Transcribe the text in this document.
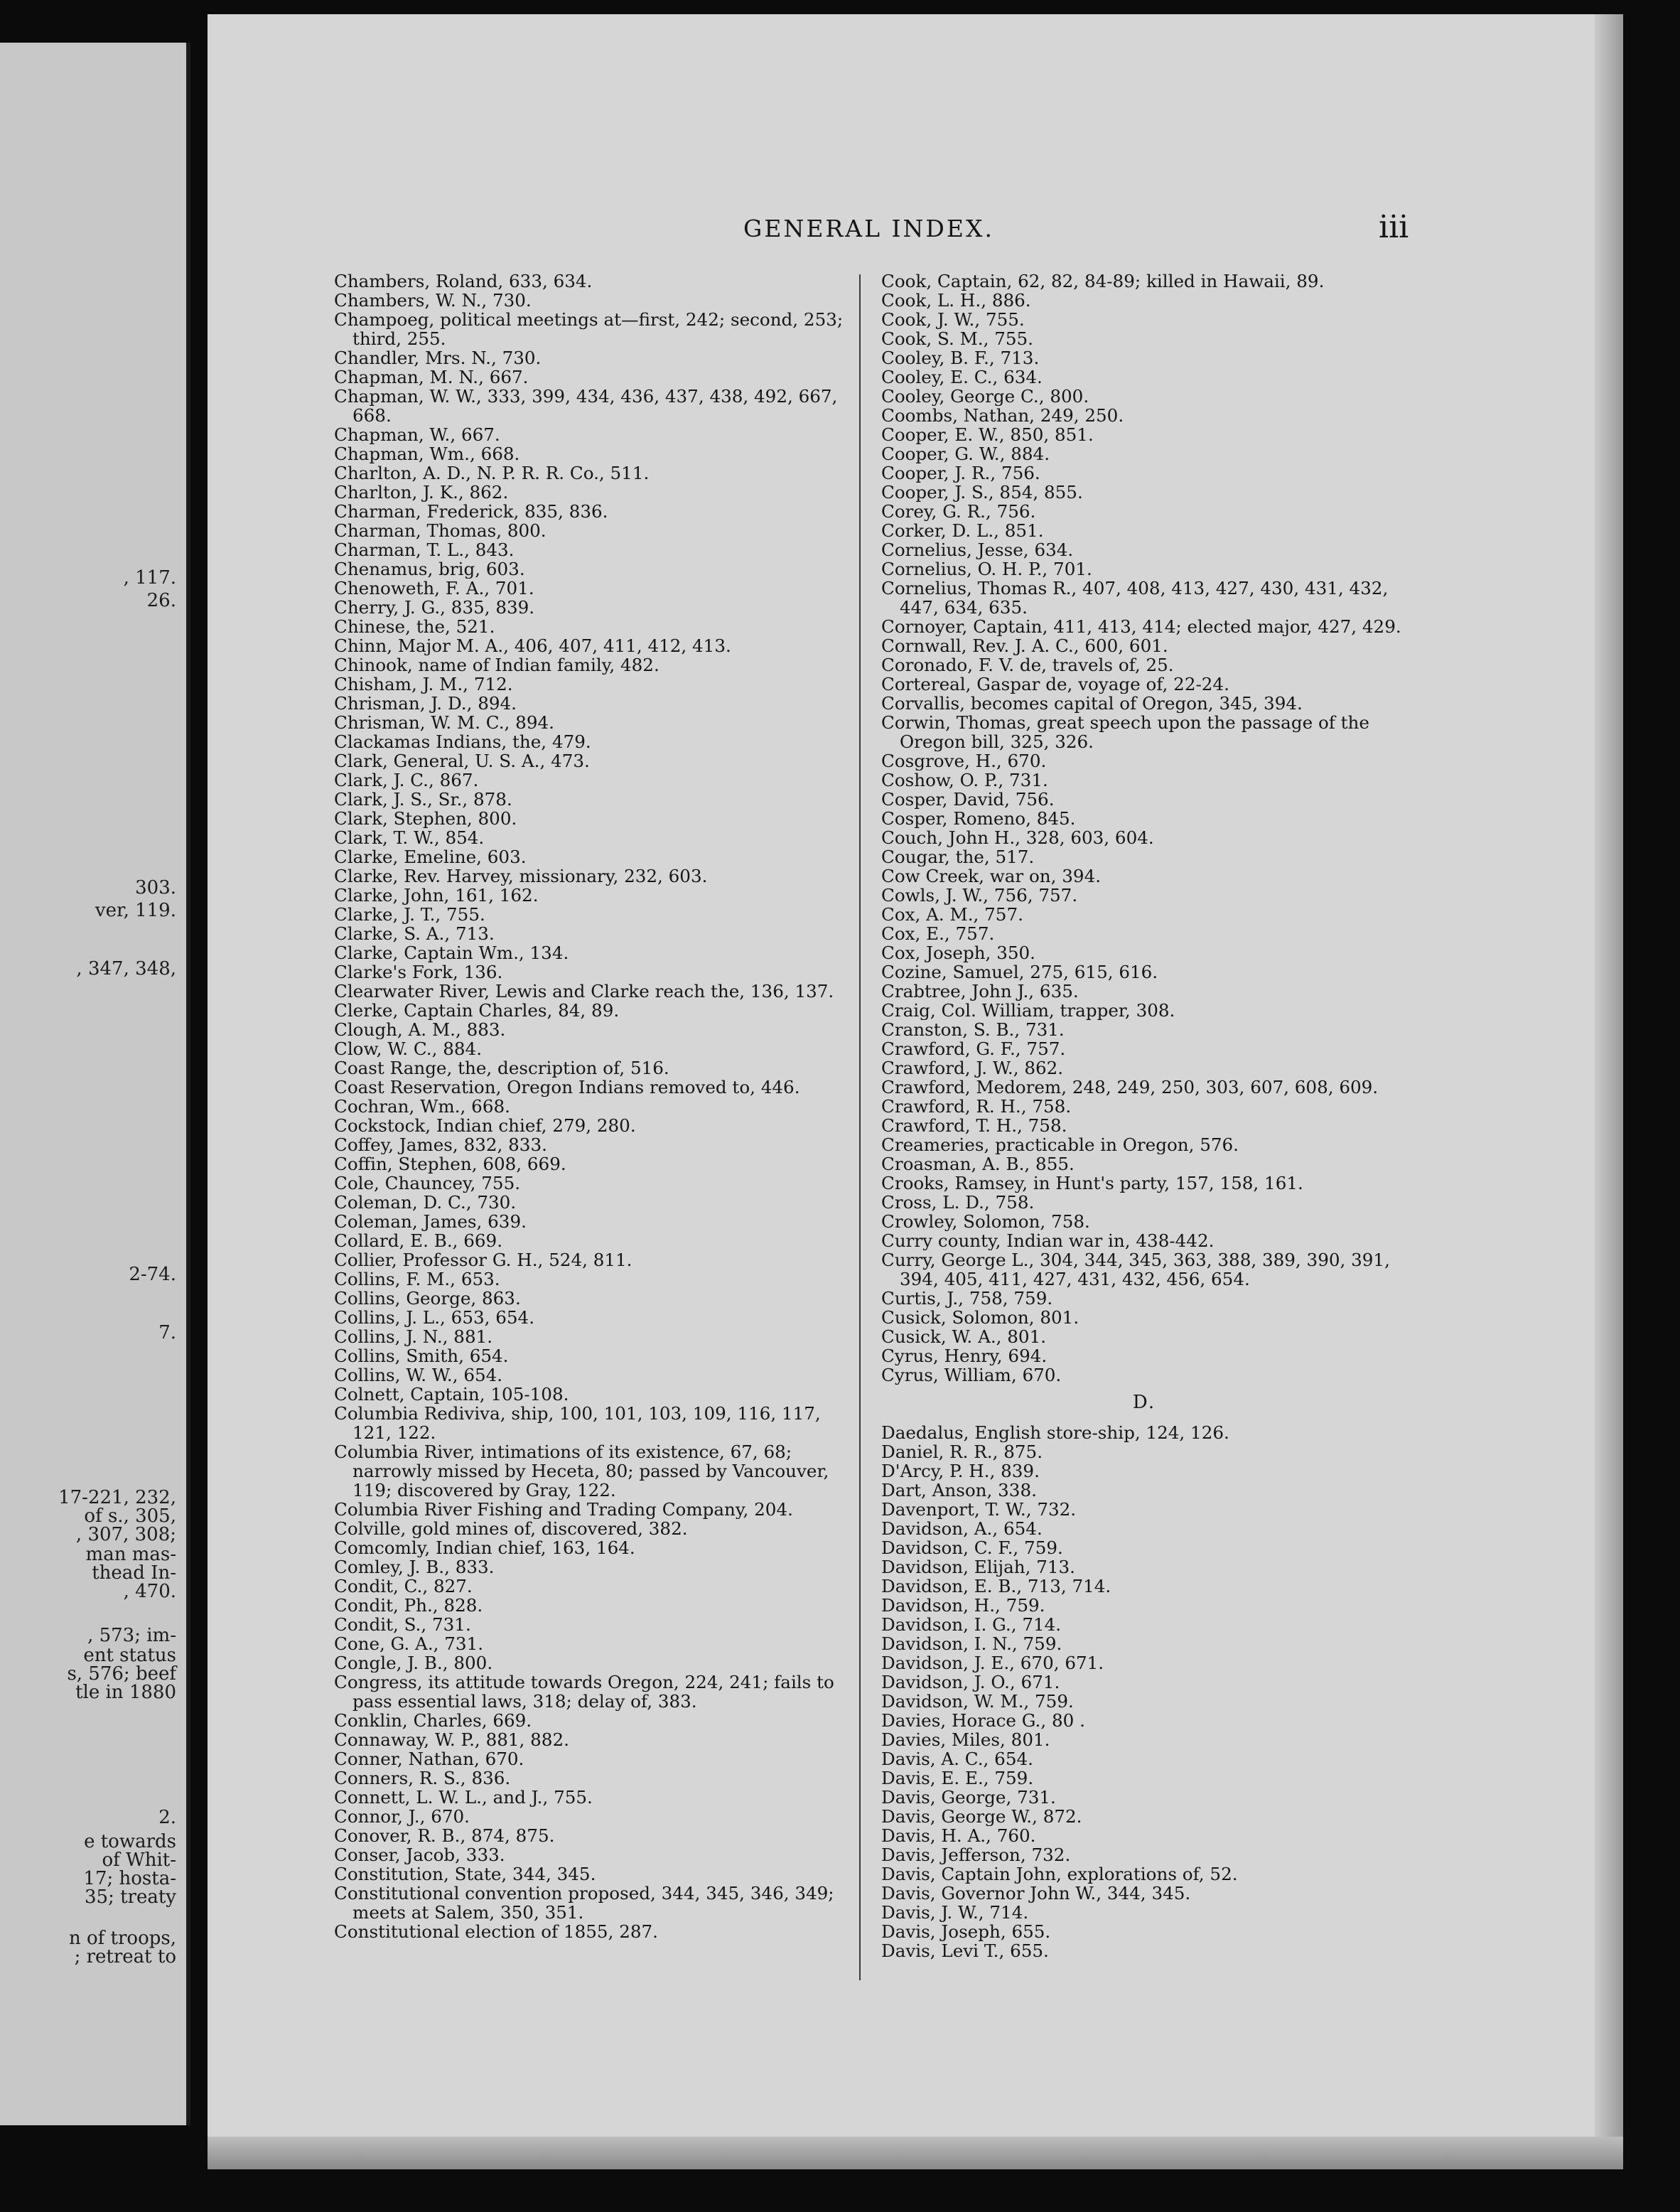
, 117.
26.
303.
ver, 119.
, 347, 348,
2-74.
7.
17-221, 232,
of s., 305,
, 307, 308;
man mas-
thead In-
, 470.
, 573; im-
ent status
s, 576; beef
tle in 1880
2.
e towards
of Whit-
17; hosta-
35; treaty
n of troops,
; retreat to
GENERAL INDEX.	iii
Chambers, Roland, 633, 634.
Chambers, W. N., 730.
Champoeg, political meetings at—first, 242; second, 253; third, 255.
Chandler, Mrs. N., 730.
Chapman, M. N., 667.
Chapman, W. W., 333, 399, 434, 436, 437, 438, 492, 667, 668.
Chapman, W., 667.
Chapman, Wm., 668.
Charlton, A. D., N. P. R. R. Co., 511.
Charlton, J. K., 862.
Charman, Frederick, 835, 836.
Charman, Thomas, 800.
Charman, T. L., 843.
Chenamus, brig, 603.
Chenoweth, F. A., 701.
Cherry, J. G., 835, 839.
Chinese, the, 521.
Chinn, Major M. A., 406, 407, 411, 412, 413.
Chinook, name of Indian family, 482.
Chisham, J. M., 712.
Chrisman, J. D., 894.
Chrisman, W. M. C., 894.
Clackamas Indians, the, 479.
Clark, General, U. S. A., 473.
Clark, J. C., 867.
Clark, J. S., Sr., 878.
Clark, Stephen, 800.
Clark, T. W., 854.
Clarke, Emeline, 603.
Clarke, Rev. Harvey, missionary, 232, 603.
Clarke, John, 161, 162.
Clarke, J. T., 755.
Clarke, S. A., 713.
Clarke, Captain Wm., 134.
Clarke's Fork, 136.
Clearwater River, Lewis and Clarke reach the, 136, 137.
Clerke, Captain Charles, 84, 89.
Clough, A. M., 883.
Clow, W. C., 884.
Coast Range, the, description of, 516.
Coast Reservation, Oregon Indians removed to, 446.
Cochran, Wm., 668.
Cockstock, Indian chief, 279, 280.
Coffey, James, 832, 833.
Coffin, Stephen, 608, 669.
Cole, Chauncey, 755.
Coleman, D. C., 730.
Coleman, James, 639.
Collard, E. B., 669.
Collier, Professor G. H., 524, 811.
Collins, F. M., 653.
Collins, George, 863.
Collins, J. L., 653, 654.
Collins, J. N., 881.
Collins, Smith, 654.
Collins, W. W., 654.
Colnett, Captain, 105-108.
Columbia Rediviva, ship, 100, 101, 103, 109, 116, 117, 121, 122.
Columbia River, intimations of its existence, 67, 68; narrowly missed by Heceta, 80; passed by Vancouver, 119; discovered by Gray, 122.
Columbia River Fishing and Trading Company, 204.
Colville, gold mines of, discovered, 382.
Comcomly, Indian chief, 163, 164.
Comley, J. B., 833.
Condit, C., 827.
Condit, Ph., 828.
Condit, S., 731.
Cone, G. A., 731.
Congle, J. B., 800.
Congress, its attitude towards Oregon, 224, 241; fails to pass essential laws, 318; delay of, 383.
Conklin, Charles, 669.
Connaway, W. P., 881, 882.
Conner, Nathan, 670.
Conners, R. S., 836.
Connett, L. W. L., and J., 755.
Connor, J., 670.
Conover, R. B., 874, 875.
Conser, Jacob, 333.
Constitution, State, 344, 345.
Constitutional convention proposed, 344, 345, 346, 349; meets at Salem, 350, 351.
Constitutional election of 1855, 287.
Cook, Captain, 62, 82, 84-89; killed in Hawaii, 89.
Cook, L. H., 886.
Cook, J. W., 755.
Cook, S. M., 755.
Cooley, B. F., 713.
Cooley, E. C., 634.
Cooley, George C., 800.
Coombs, Nathan, 249, 250.
Cooper, E. W., 850, 851.
Cooper, G. W., 884.
Cooper, J. R., 756.
Cooper, J. S., 854, 855.
Corey, G. R., 756.
Corker, D. L., 851.
Cornelius, Jesse, 634.
Cornelius, O. H. P., 701.
Cornelius, Thomas R., 407, 408, 413, 427, 430, 431, 432, 447, 634, 635.
Cornoyer, Captain, 411, 413, 414; elected major, 427, 429.
Cornwall, Rev. J. A. C., 600, 601.
Coronado, F. V. de, travels of, 25.
Cortereal, Gaspar de, voyage of, 22-24.
Corvallis, becomes capital of Oregon, 345, 394.
Corwin, Thomas, great speech upon the passage of the Oregon bill, 325, 326.
Cosgrove, H., 670.
Coshow, O. P., 731.
Cosper, David, 756.
Cosper, Romeno, 845.
Couch, John H., 328, 603, 604.
Cougar, the, 517.
Cow Creek, war on, 394.
Cowls, J. W., 756, 757.
Cox, A. M., 757.
Cox, E., 757.
Cox, Joseph, 350.
Cozine, Samuel, 275, 615, 616.
Crabtree, John J., 635.
Craig, Col. William, trapper, 308.
Cranston, S. B., 731.
Crawford, G. F., 757.
Crawford, J. W., 862.
Crawford, Medorem, 248, 249, 250, 303, 607, 608, 609.
Crawford, R. H., 758.
Crawford, T. H., 758.
Creameries, practicable in Oregon, 576.
Croasman, A. B., 855.
Crooks, Ramsey, in Hunt's party, 157, 158, 161.
Cross, L. D., 758.
Crowley, Solomon, 758.
Curry county, Indian war in, 438-442.
Curry, George L., 304, 344, 345, 363, 388, 389, 390, 391, 394, 405, 411, 427, 431, 432, 456, 654.
Curtis, J., 758, 759.
Cusick, Solomon, 801.
Cusick, W. A., 801.
Cyrus, Henry, 694.
Cyrus, William, 670.
D.
Daedalus, English store-ship, 124, 126.
Daniel, R. R., 875.
D'Arcy, P. H., 839.
Dart, Anson, 338.
Davenport, T. W., 732.
Davidson, A., 654.
Davidson, C. F., 759.
Davidson, Elijah, 713.
Davidson, E. B., 713, 714.
Davidson, H., 759.
Davidson, I. G., 714.
Davidson, I. N., 759.
Davidson, J. E., 670, 671.
Davidson, J. O., 671.
Davidson, W. M., 759.
Davies, Horace G., 80 .
Davies, Miles, 801.
Davis, A. C., 654.
Davis, E. E., 759.
Davis, George, 731.
Davis, George W., 872.
Davis, H. A., 760.
Davis, Jefferson, 732.
Davis, Captain John, explorations of, 52.
Davis, Governor John W., 344, 345.
Davis, J. W., 714.
Davis, Joseph, 655.
Davis, Levi T., 655.
